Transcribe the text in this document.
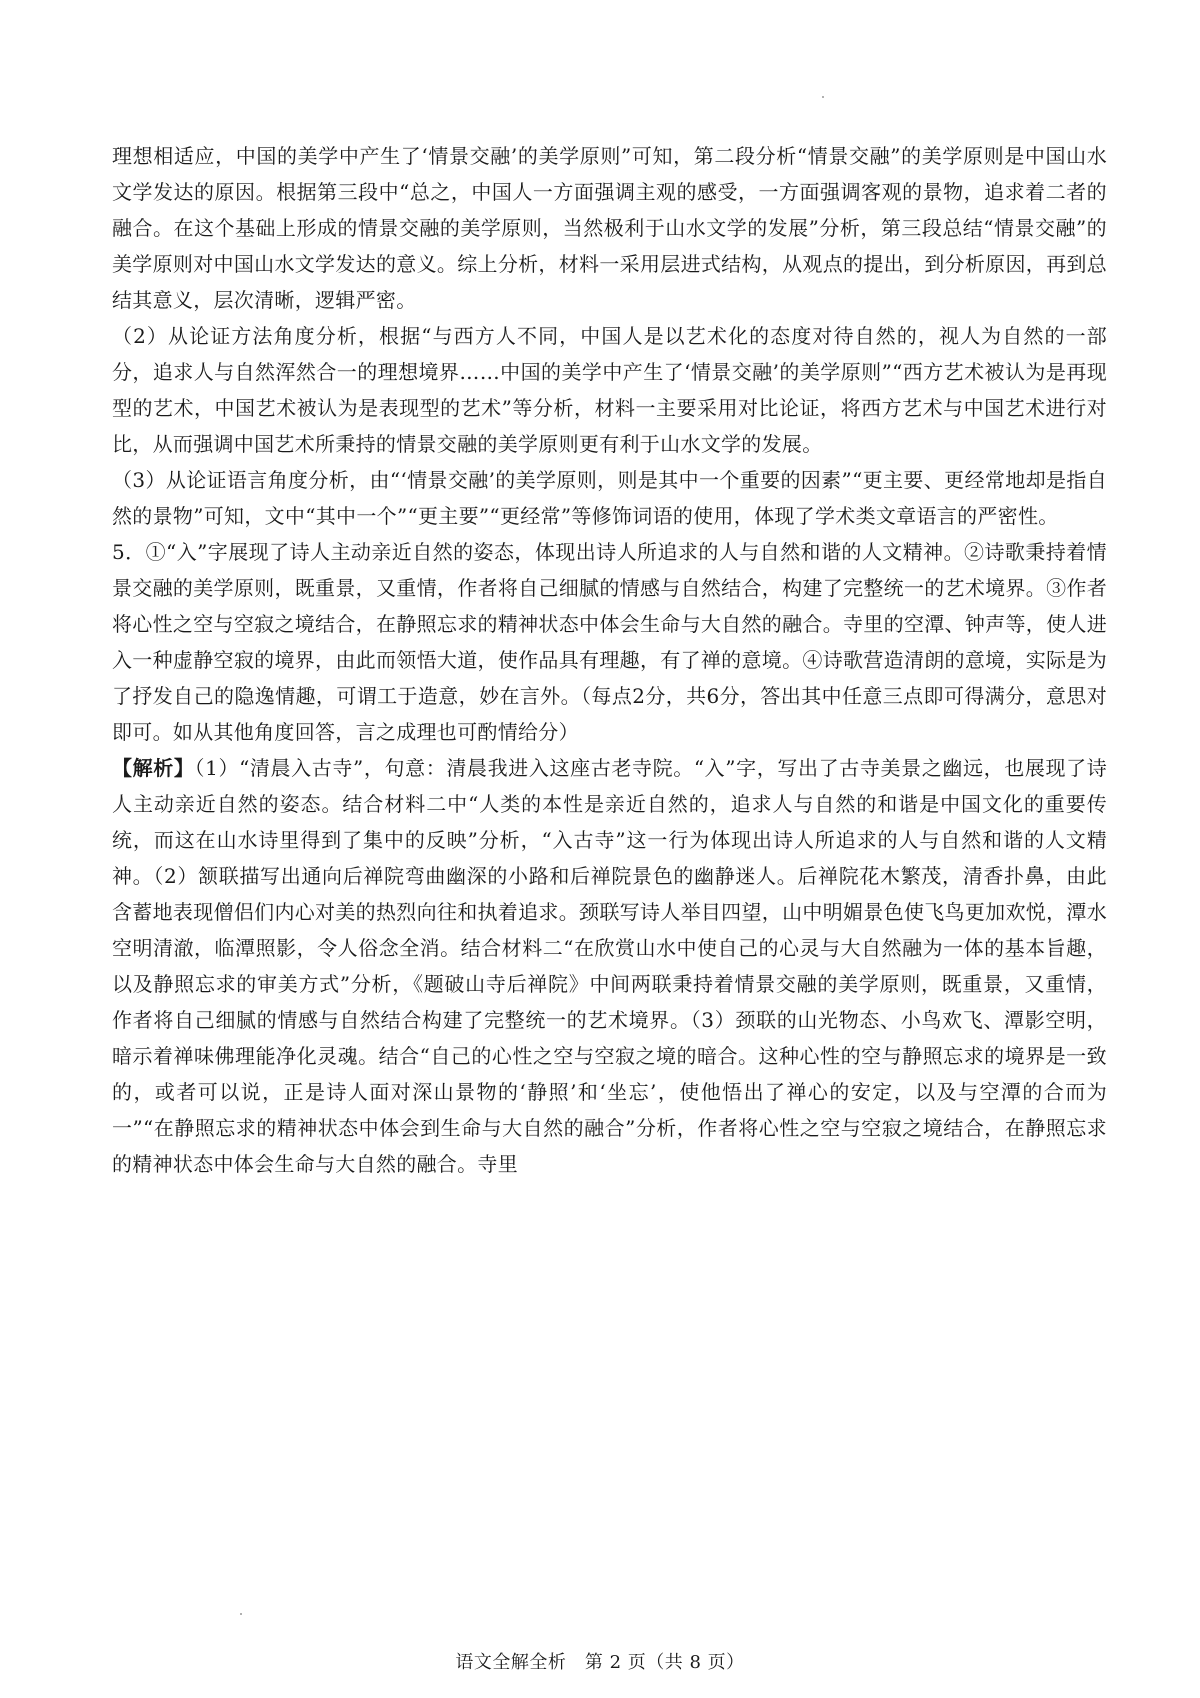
理想相适应，中国的美学中产生了‘情景交融’的美学原则”可知，第二段分析“情景交融”的美学原则是中国山水文学发达的原因。根据第三段中“总之，中国人一方面强调主观的感受，一方面强调客观的景物，追求着二者的融合。在这个基础上形成的情景交融的美学原则，当然极利于山水文学的发展”分析，第三段总结“情景交融”的美学原则对中国山水文学发达的意义。综上分析，材料一采用层进式结构，从观点的提出，到分析原因，再到总结其意义，层次清晰，逻辑严密。

（2）从论证方法角度分析，根据“与西方人不同，中国人是以艺术化的态度对待自然的，视人为自然的一部分，追求人与自然浑然合一的理想境界……中国的美学中产生了‘情景交融’的美学原则”“西方艺术被认为是再现型的艺术，中国艺术被认为是表现型的艺术”等分析，材料一主要采用对比论证，将西方艺术与中国艺术进行对比，从而强调中国艺术所秉持的情景交融的美学原则更有利于山水文学的发展。

（3）从论证语言角度分析，由“‘情景交融’的美学原则，则是其中一个重要的因素”“更主要、更经常地却是指自然的景物”可知，文中“其中一个”“更主要”“更经常”等修饰词语的使用，体现了学术类文章语言的严密性。

5．①“入”字展现了诗人主动亲近自然的姿态，体现出诗人所追求的人与自然和谐的人文精神。②诗歌秉持着情景交融的美学原则，既重景，又重情，作者将自己细腻的情感与自然结合，构建了完整统一的艺术境界。③作者将心性之空与空寂之境结合，在静照忘求的精神状态中体会生命与大自然的融合。寺里的空潭、钟声等，使人进入一种虚静空寂的境界，由此而领悟大道，使作品具有理趣，有了禅的意境。④诗歌营造清朗的意境，实际是为了抒发自己的隐逸情趣，可谓工于造意，妙在言外。（每点2分，共6分，答出其中任意三点即可得满分，意思对即可。如从其他角度回答，言之成理也可酌情给分）

【解析】（1）“清晨入古寺”，句意：清晨我进入这座古老寺院。“入”字，写出了古寺美景之幽远，也展现了诗人主动亲近自然的姿态。结合材料二中“人类的本性是亲近自然的，追求人与自然的和谐是中国文化的重要传统，而这在山水诗里得到了集中的反映”分析，“入古寺”这一行为体现出诗人所追求的人与自然和谐的人文精神。（2）颔联描写出通向后禅院弯曲幽深的小路和后禅院景色的幽静迷人。后禅院花木繁茂，清香扑鼻，由此含蓄地表现僧侣们内心对美的热烈向往和执着追求。颈联写诗人举目四望，山中明媚景色使飞鸟更加欢悦，潭水空明清澈，临潭照影，令人俗念全消。结合材料二“在欣赏山水中使自己的心灵与大自然融为一体的基本旨趣，以及静照忘求的审美方式”分析，《题破山寺后禅院》中间两联秉持着情景交融的美学原则，既重景，又重情，作者将自己细腻的情感与自然结合构建了完整统一的艺术境界。（3）颈联的山光物态、小鸟欢飞、潭影空明，暗示着禅味佛理能净化灵魂。结合“自己的心性之空与空寂之境的暗合。这种心性的空与静照忘求的境界是一致的，或者可以说，正是诗人面对深山景物的‘静照’和‘坐忘’，使他悟出了禅心的安定，以及与空潭的合而为一”“在静照忘求的精神状态中体会到生命与大自然的融合”分析，作者将心性之空与空寂之境结合，在静照忘求的精神状态中体会生命与大自然的融合。寺里

语文全解全析　第 2 页（共 8 页）
